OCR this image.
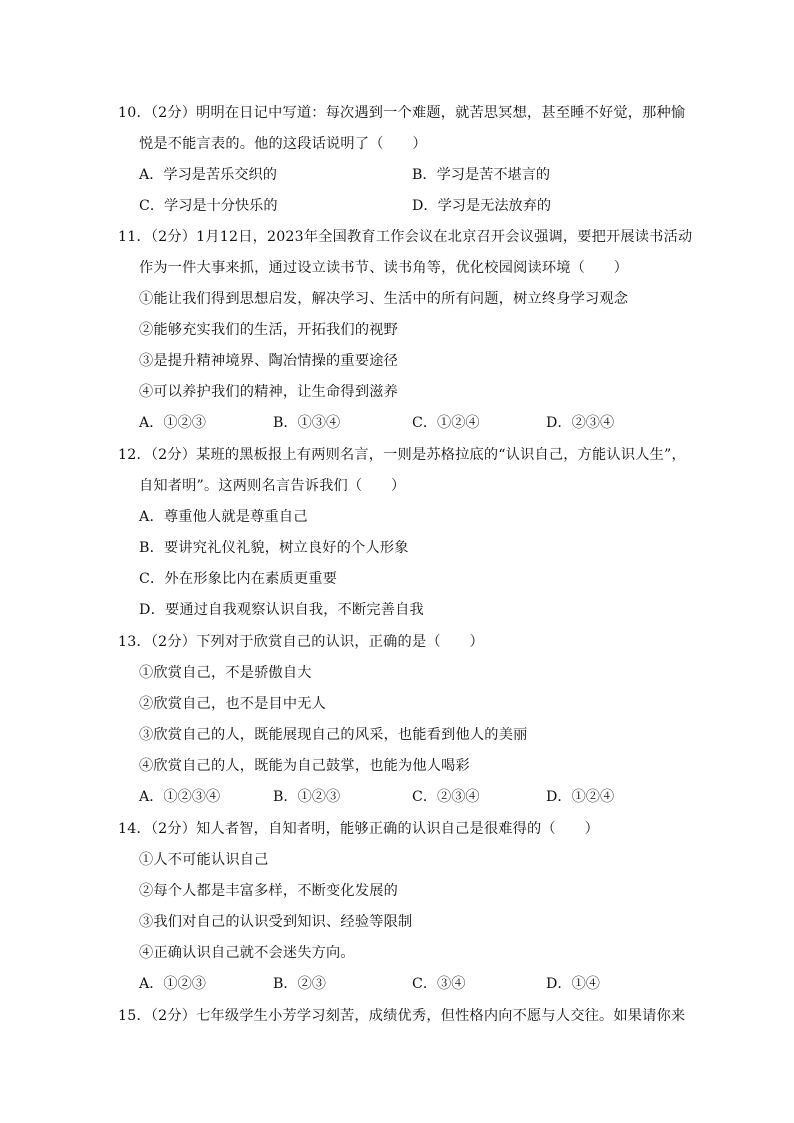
10．（2分）明明在日记中写道：每次遇到一个难题，就苦思冥想，甚至睡不好觉，那种愉
悦是不能言表的。他的这段话说明了（　　）
A．学习是苦乐交织的	B．学习是苦不堪言的
C．学习是十分快乐的	D．学习是无法放弃的
11．（2分）1月12日，2023年全国教育工作会议在北京召开会议强调，要把开展读书活动
作为一件大事来抓，通过设立读书节、读书角等，优化校园阅读环境（　　）
①能让我们得到思想启发，解决学习、生活中的所有问题，树立终身学习观念
②能够充实我们的生活，开拓我们的视野
③是提升精神境界、陶冶情操的重要途径
④可以养护我们的精神，让生命得到滋养
A．①②③	B．①③④	C．①②④	D．②③④
12．（2分）某班的黑板报上有两则名言，一则是苏格拉底的“认识自己，方能认识人生”，
自知者明”。这两则名言告诉我们（　　）
A．尊重他人就是尊重自己
B．要讲究礼仪礼貌，树立良好的个人形象
C．外在形象比内在素质更重要
D．要通过自我观察认识自我，不断完善自我
13．（2分）下列对于欣赏自己的认识，正确的是（　　）
①欣赏自己，不是骄傲自大
②欣赏自己，也不是目中无人
③欣赏自己的人，既能展现自己的风采，也能看到他人的美丽
④欣赏自己的人，既能为自己鼓掌，也能为他人喝彩
A．①②③④	B．①②③	C．②③④	D．①②④
14．（2分）知人者智，自知者明，能够正确的认识自己是很难得的（　　）
①人不可能认识自己
②每个人都是丰富多样，不断变化发展的
③我们对自己的认识受到知识、经验等限制
④正确认识自己就不会迷失方向。
A．①②③	B．②③	C．③④	D．①④
15．（2分）七年级学生小芳学习刻苦，成绩优秀，但性格内向不愿与人交往。如果请你来
